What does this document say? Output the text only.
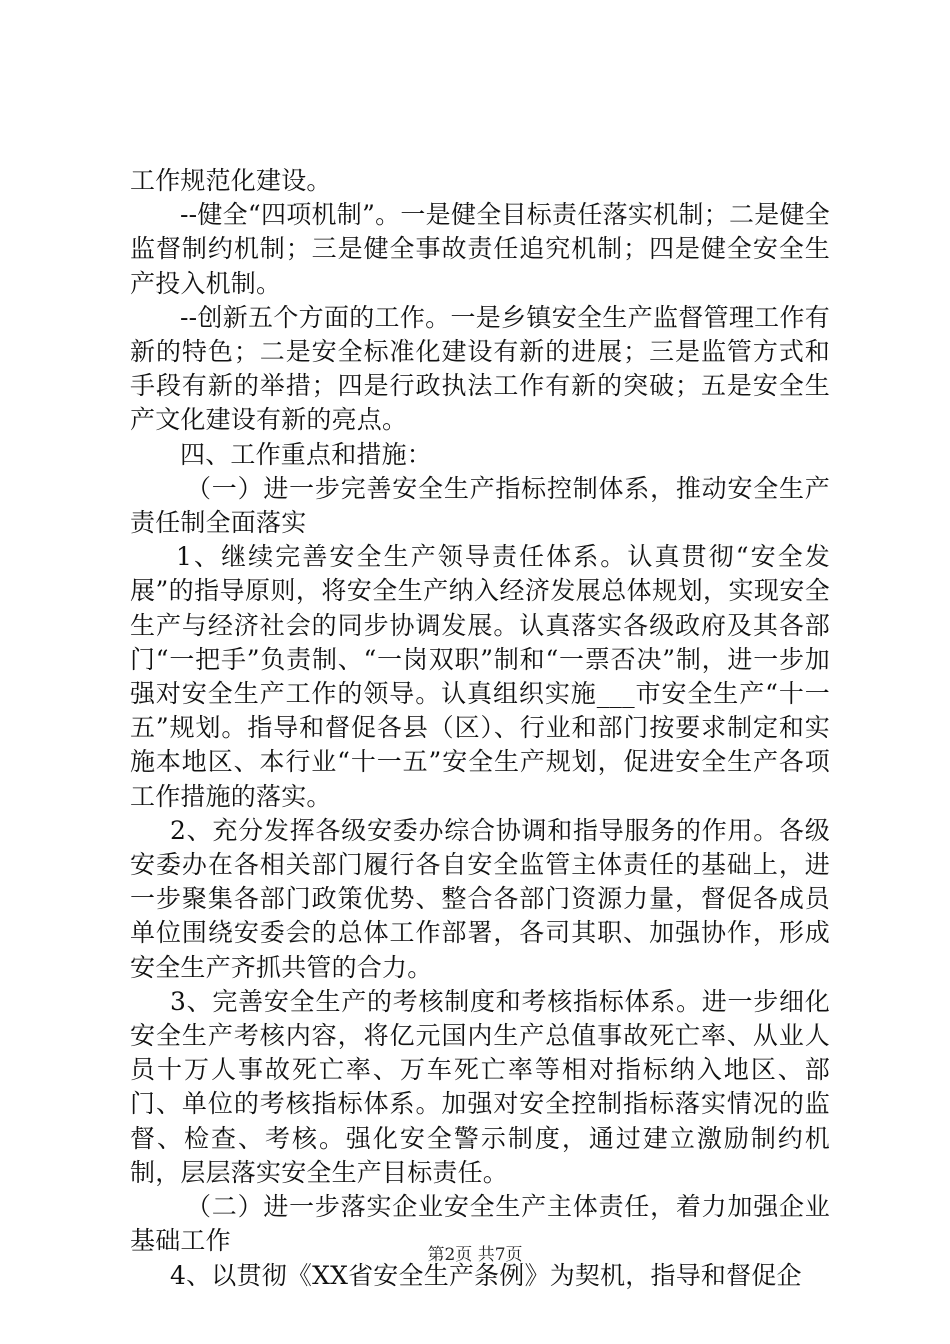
工作规范化建设。

--健全“四项机制”。一是健全目标责任落实机制；二是健全监督制约机制；三是健全事故责任追究机制；四是健全安全生产投入机制。

--创新五个方面的工作。一是乡镇安全生产监督管理工作有新的特色；二是安全标准化建设有新的进展；三是监管方式和手段有新的举措；四是行政执法工作有新的突破；五是安全生产文化建设有新的亮点。

四、工作重点和措施：

（一）进一步完善安全生产指标控制体系，推动安全生产责任制全面落实

1、继续完善安全生产领导责任体系。认真贯彻“安全发展”的指导原则，将安全生产纳入经济发展总体规划，实现安全生产与经济社会的同步协调发展。认真落实各级政府及其各部门“一把手”负责制、“一岗双职”制和“一票否决”制，进一步加强对安全生产工作的领导。认真组织实施___市安全生产“十一五”规划。指导和督促各县（区）、行业和部门按要求制定和实施本地区、本行业“十一五”安全生产规划，促进安全生产各项工作措施的落实。

2、充分发挥各级安委办综合协调和指导服务的作用。各级安委办在各相关部门履行各自安全监管主体责任的基础上，进一步聚集各部门政策优势、整合各部门资源力量，督促各成员单位围绕安委会的总体工作部署，各司其职、加强协作，形成安全生产齐抓共管的合力。

3、完善安全生产的考核制度和考核指标体系。进一步细化安全生产考核内容，将亿元国内生产总值事故死亡率、从业人员十万人事故死亡率、万车死亡率等相对指标纳入地区、部门、单位的考核指标体系。加强对安全控制指标落实情况的监督、检查、考核。强化安全警示制度，通过建立激励制约机制，层层落实安全生产目标责任。

（二）进一步落实企业安全生产主体责任，着力加强企业基础工作

4、以贯彻《XX省安全生产条例》为契机，指导和督促企

第2页 共7页
